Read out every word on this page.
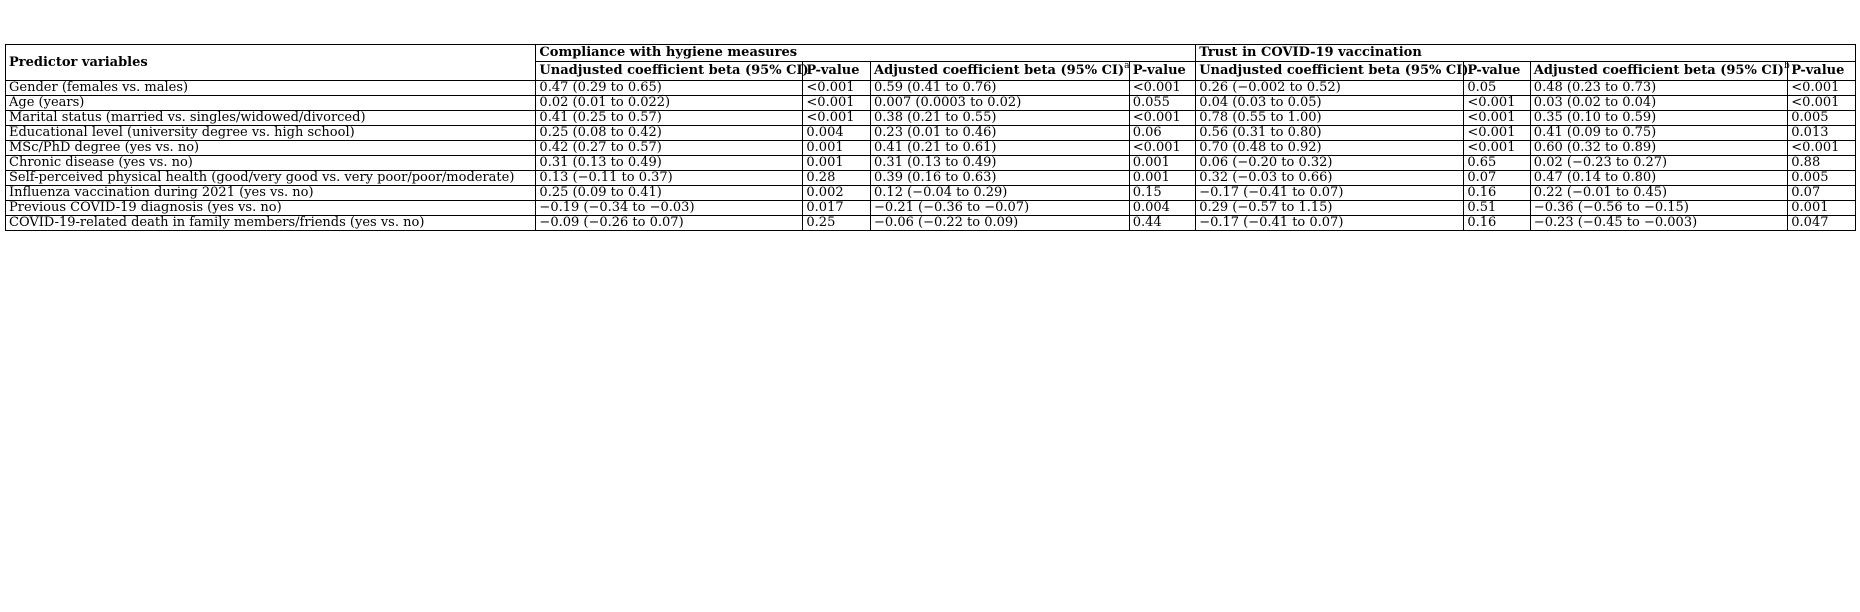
Predictor variables	Compliance with hygiene measures				Trust in COVID-19 vaccination			
	Unadjusted coefficient beta (95% CI)	P-value	Adjusted coefficient beta (95% CI)$^a$	P-value	Unadjusted coefficient beta (95% CI)	P-value	Adjusted coefficient beta (95% CI)$^b$	P-value
Gender (females vs. males)	0.47 (0.29 to 0.65)	<0.001	0.59 (0.41 to 0.76)	<0.001	0.26 (−0.002 to 0.52)	0.05	0.48 (0.23 to 0.73)	<0.001
Age (years)	0.02 (0.01 to 0.022)	<0.001	0.007 (0.0003 to 0.02)	0.055	0.04 (0.03 to 0.05)	<0.001	0.03 (0.02 to 0.04)	<0.001
Marital status (married vs. singles/widowed/divorced)	0.41 (0.25 to 0.57)	<0.001	0.38 (0.21 to 0.55)	<0.001	0.78 (0.55 to 1.00)	<0.001	0.35 (0.10 to 0.59)	0.005
Educational level (university degree vs. high school)	0.25 (0.08 to 0.42)	0.004	0.23 (0.01 to 0.46)	0.06	0.56 (0.31 to 0.80)	<0.001	0.41 (0.09 to 0.75)	0.013
MSc/PhD degree (yes vs. no)	0.42 (0.27 to 0.57)	0.001	0.41 (0.21 to 0.61)	<0.001	0.70 (0.48 to 0.92)	<0.001	0.60 (0.32 to 0.89)	<0.001
Chronic disease (yes vs. no)	0.31 (0.13 to 0.49)	0.001	0.31 (0.13 to 0.49)	0.001	0.06 (−0.20 to 0.32)	0.65	0.02 (−0.23 to 0.27)	0.88
Self-perceived physical health (good/very good vs. very poor/poor/moderate)	0.13 (−0.11 to 0.37)	0.28	0.39 (0.16 to 0.63)	0.001	0.32 (−0.03 to 0.66)	0.07	0.47 (0.14 to 0.80)	0.005
Influenza vaccination during 2021 (yes vs. no)	0.25 (0.09 to 0.41)	0.002	0.12 (−0.04 to 0.29)	0.15	−0.17 (−0.41 to 0.07)	0.16	0.22 (−0.01 to 0.45)	0.07
Previous COVID-19 diagnosis (yes vs. no)	−0.19 (−0.34 to −0.03)	0.017	−0.21 (−0.36 to −0.07)	0.004	0.29 (−0.57 to 1.15)	0.51	−0.36 (−0.56 to −0.15)	0.001
COVID-19-related death in family members/friends (yes vs. no)	−0.09 (−0.26 to 0.07)	0.25	−0.06 (−0.22 to 0.09)	0.44	−0.17 (−0.41 to 0.07)	0.16	−0.23 (−0.45 to −0.003)	0.047
